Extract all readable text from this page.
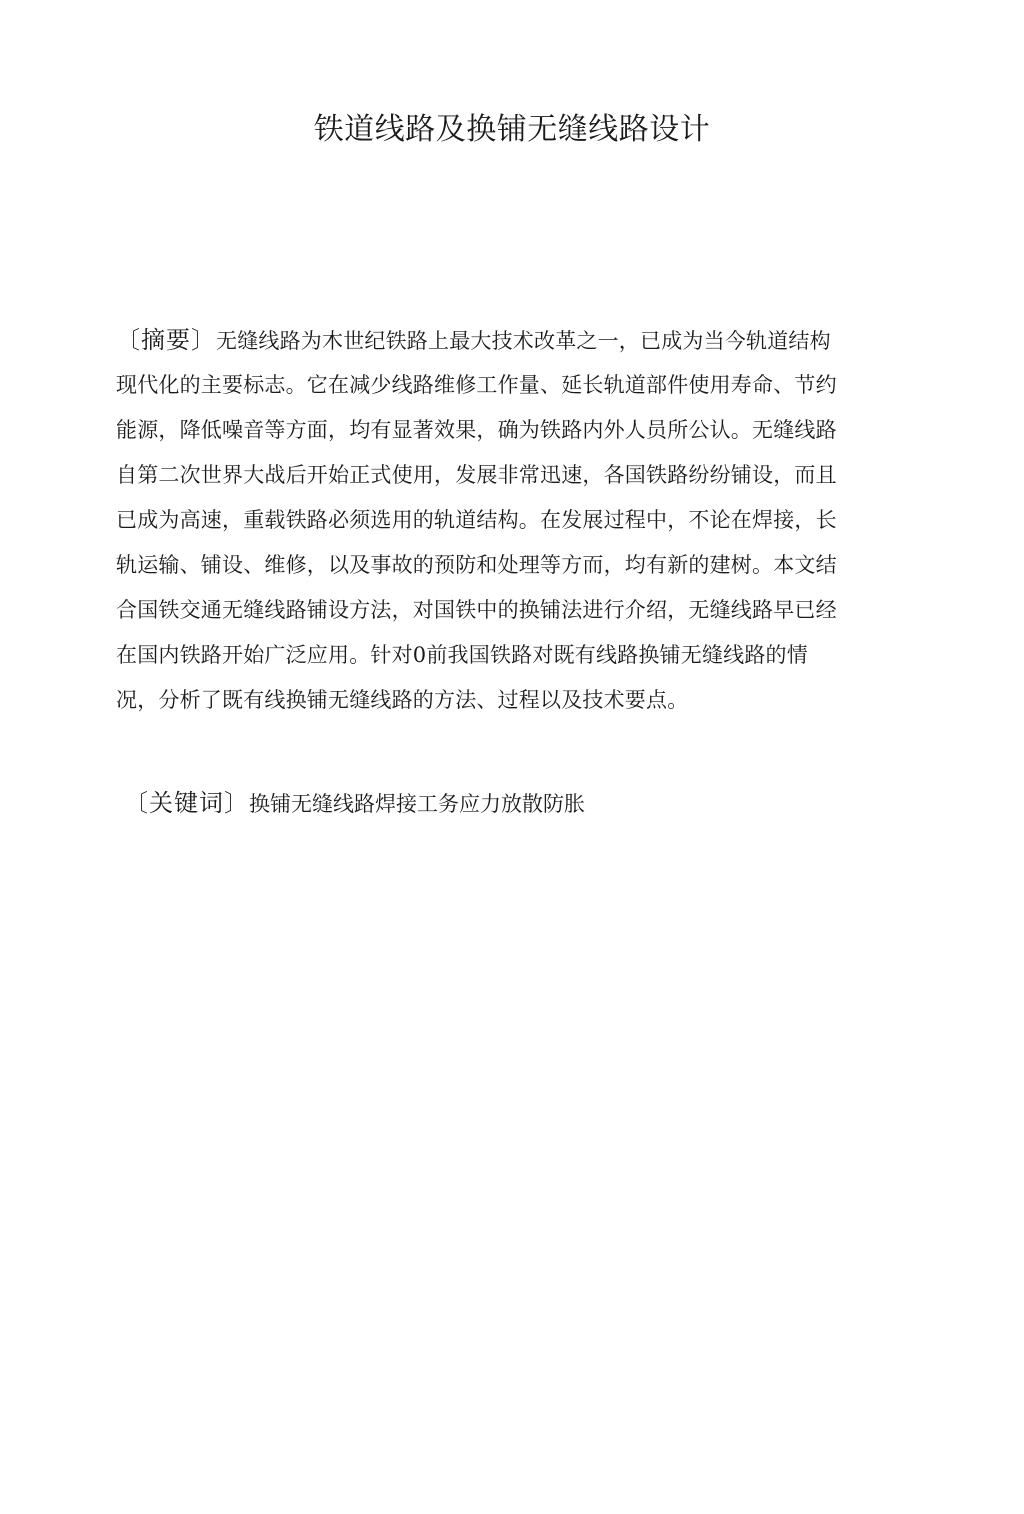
铁道线路及换铺无缝线路设计
〔摘要〕无缝线路为木世纪铁路上最大技术改革之一，已成为当今轨道结构
现代化的主要标志。它在减少线路维修工作量、延长轨道部件使用寿命、节约
能源，降低噪音等方面，均有显著效果，确为铁路内外人员所公认。无缝线路
自第二次世界大战后开始正式使用，发展非常迅速，各国铁路纷纷铺设，而且
已成为高速，重载铁路必须选用的轨道结构。在发展过程中，不论在焊接，长
轨运输、铺设、维修，以及事故的预防和处理等方而，均有新的建树。本文结
合国铁交通无缝线路铺设方法，对国铁中的换铺法进行介绍，无缝线路早已经
在国内铁路开始广泛应用。针对0前我国铁路对既有线路换铺无缝线路的情
况，分析了既有线换铺无缝线路的方法、过程以及技术要点。
〔关键词〕换铺无缝线路焊接工务应力放散防胀
